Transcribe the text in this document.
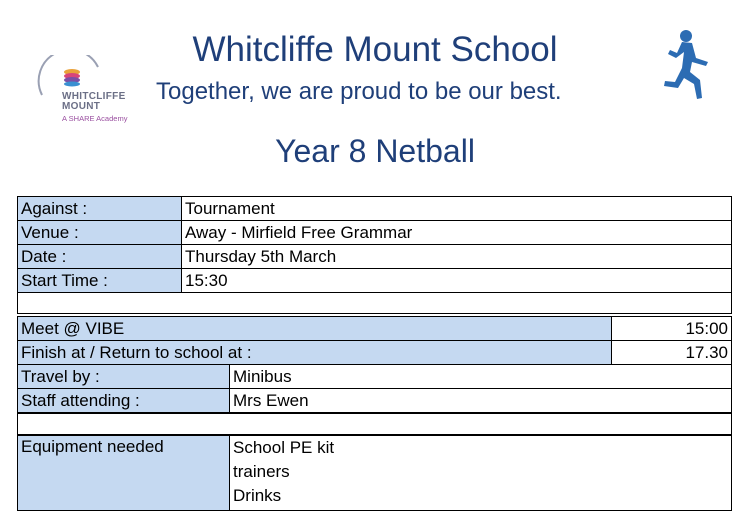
WHITCLIFFE
MOUNT
A SHARE Academy
Whitcliffe Mount School
Together, we are proud to be our best.
Year 8 Netball
Against :	Tournament
Venue :	Away - Mirfield Free Grammar
Date :	Thursday 5th March
Start Time :	15:30
Meet @ VIBE		15:00
Finish at / Return to school at :		17.30
Travel by :	Minibus	
Staff attending :	Mrs Ewen	
Equipment needed	School PE kit
trainers
Drinks
